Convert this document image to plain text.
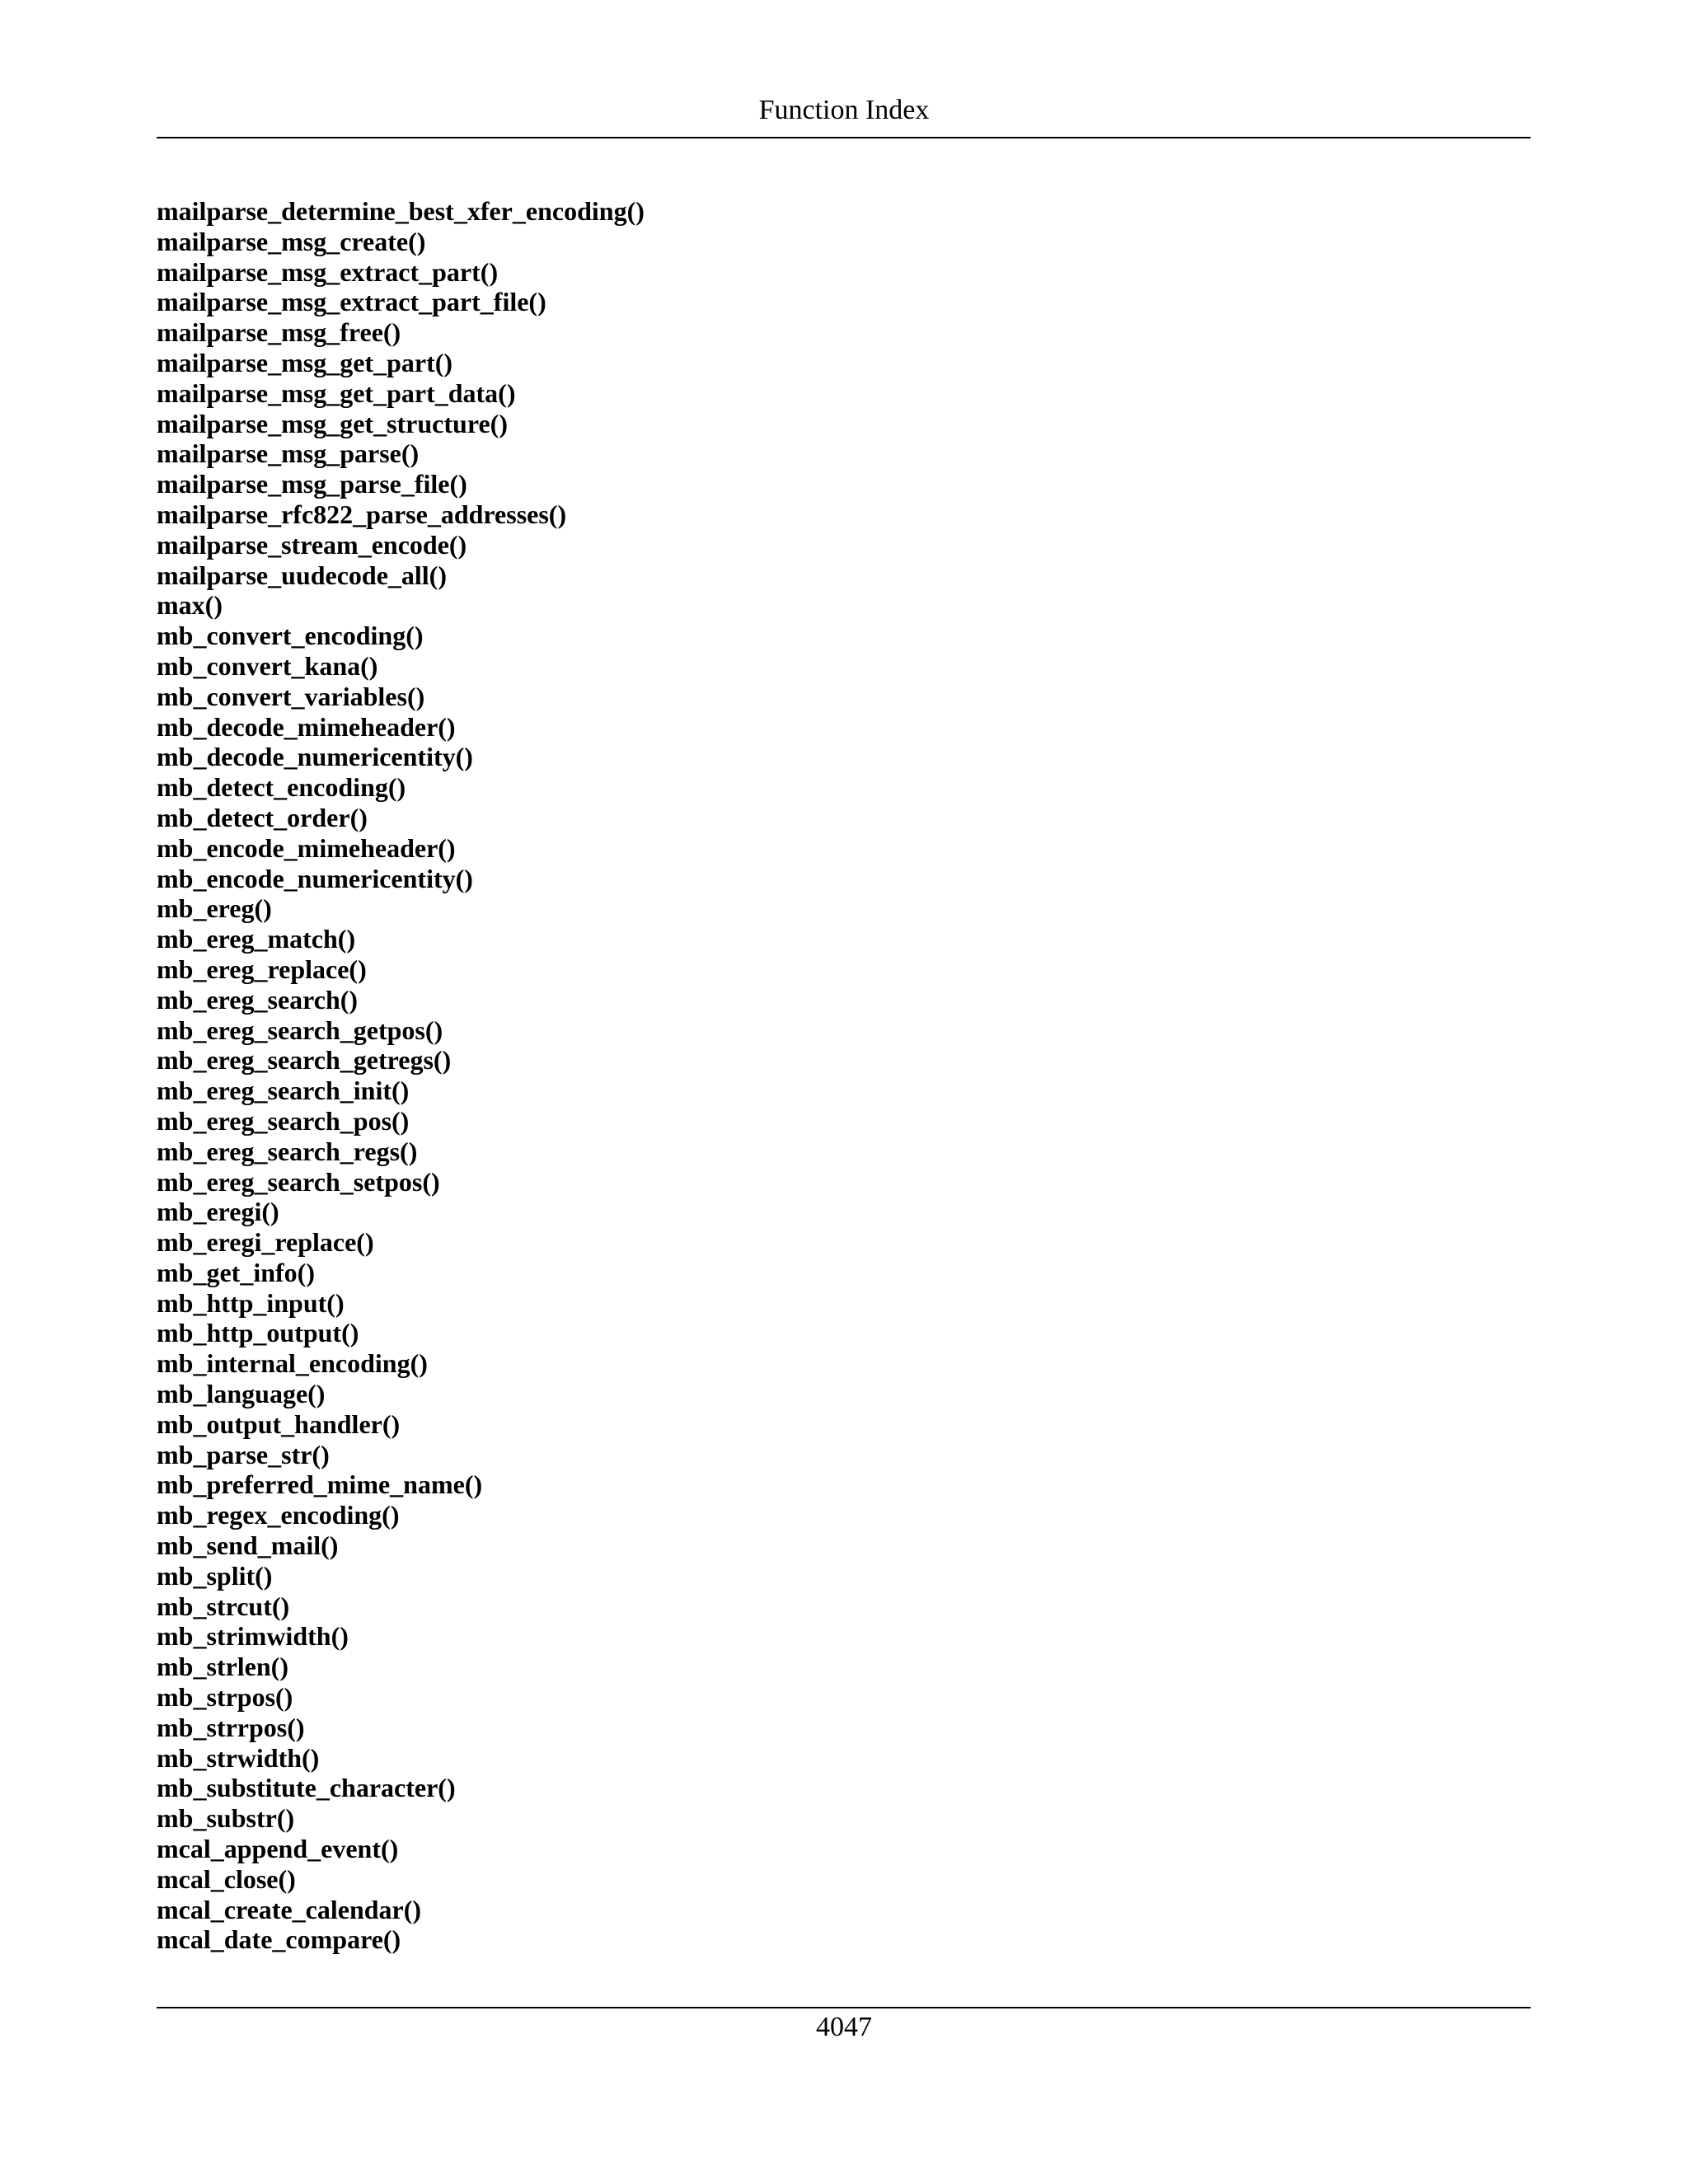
Function Index
mailparse_determine_best_xfer_encoding()
mailparse_msg_create()
mailparse_msg_extract_part()
mailparse_msg_extract_part_file()
mailparse_msg_free()
mailparse_msg_get_part()
mailparse_msg_get_part_data()
mailparse_msg_get_structure()
mailparse_msg_parse()
mailparse_msg_parse_file()
mailparse_rfc822_parse_addresses()
mailparse_stream_encode()
mailparse_uudecode_all()
max()
mb_convert_encoding()
mb_convert_kana()
mb_convert_variables()
mb_decode_mimeheader()
mb_decode_numericentity()
mb_detect_encoding()
mb_detect_order()
mb_encode_mimeheader()
mb_encode_numericentity()
mb_ereg()
mb_ereg_match()
mb_ereg_replace()
mb_ereg_search()
mb_ereg_search_getpos()
mb_ereg_search_getregs()
mb_ereg_search_init()
mb_ereg_search_pos()
mb_ereg_search_regs()
mb_ereg_search_setpos()
mb_eregi()
mb_eregi_replace()
mb_get_info()
mb_http_input()
mb_http_output()
mb_internal_encoding()
mb_language()
mb_output_handler()
mb_parse_str()
mb_preferred_mime_name()
mb_regex_encoding()
mb_send_mail()
mb_split()
mb_strcut()
mb_strimwidth()
mb_strlen()
mb_strpos()
mb_strrpos()
mb_strwidth()
mb_substitute_character()
mb_substr()
mcal_append_event()
mcal_close()
mcal_create_calendar()
mcal_date_compare()
4047
